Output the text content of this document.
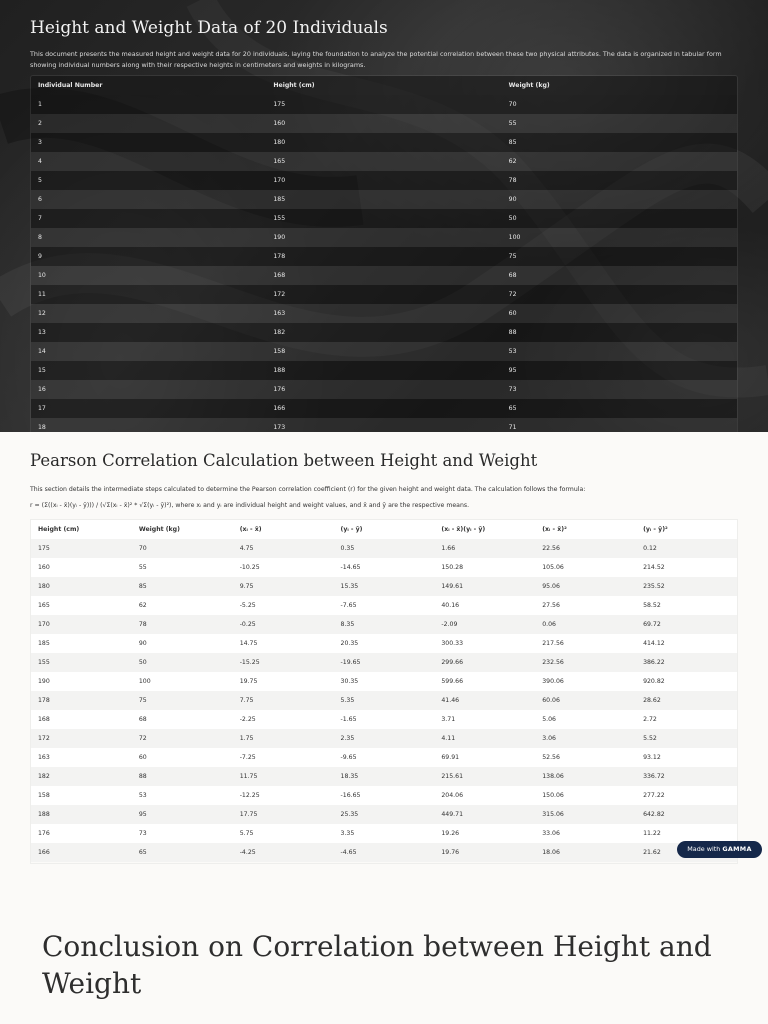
Height and Weight Data of 20 Individuals

This document presents the measured height and weight data for 20 individuals, laying the foundation to analyze the potential correlation between these two physical attributes. The data is organized in tabular form showing individual numbers along with their respective heights in centimeters and weights in kilograms.

Individual Number	Height (cm)	Weight (kg)
1	175	70
2	160	55
3	180	85
4	165	62
5	170	78
6	185	90
7	155	50
8	190	100
9	178	75
10	168	68
11	172	72
12	163	60
13	182	88
14	158	53
15	188	95
16	176	73
17	166	65
18	173	71
Pearson Correlation Calculation between Height and Weight

This section details the intermediate steps calculated to determine the Pearson correlation coefficient (r) for the given height and weight data. The calculation follows the formula:

r = (Σ((xᵢ - x̄)(yᵢ - ȳ))) / (√Σ(xᵢ - x̄)² * √Σ(yᵢ - ȳ)²), where xᵢ and yᵢ are individual height and weight values, and x̄ and ȳ are the respective means.

Height (cm)	Weight (kg)	(xᵢ - x̄)	(yᵢ - ȳ)	(xᵢ - x̄)(yᵢ - ȳ)	(xᵢ - x̄)²	(yᵢ - ȳ)²
175	70	4.75	0.35	1.66	22.56	0.12
160	55	-10.25	-14.65	150.28	105.06	214.52
180	85	9.75	15.35	149.61	95.06	235.52
165	62	-5.25	-7.65	40.16	27.56	58.52
170	78	-0.25	8.35	-2.09	0.06	69.72
185	90	14.75	20.35	300.33	217.56	414.12
155	50	-15.25	-19.65	299.66	232.56	386.22
190	100	19.75	30.35	599.66	390.06	920.82
178	75	7.75	5.35	41.46	60.06	28.62
168	68	-2.25	-1.65	3.71	5.06	2.72
172	72	1.75	2.35	4.11	3.06	5.52
163	60	-7.25	-9.65	69.91	52.56	93.12
182	88	11.75	18.35	215.61	138.06	336.72
158	53	-12.25	-16.65	204.06	150.06	277.22
188	95	17.75	25.35	449.71	315.06	642.82
176	73	5.75	3.35	19.26	33.06	11.22
166	65	-4.25	-4.65	19.76	18.06	21.62	Made with GAMMA
Conclusion on Correlation between Height and Weight
